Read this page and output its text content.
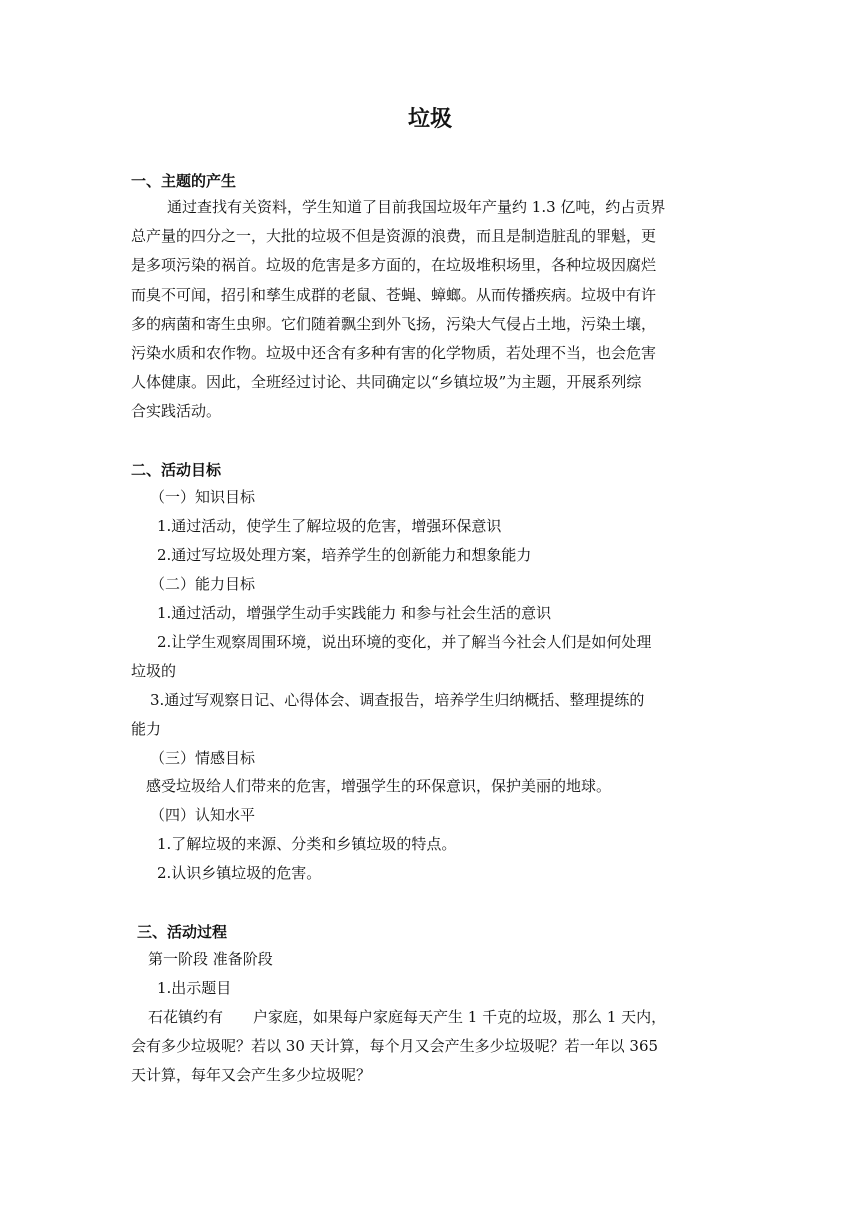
垃圾
一、主题的产生
通过查找有关资料，学生知道了目前我国垃圾年产量约 1.3 亿吨，约占贡界
总产量的四分之一，大批的垃圾不但是资源的浪费，而且是制造脏乱的罪魁，更
是多项污染的祸首。垃圾的危害是多方面的，在垃圾堆积场里，各种垃圾因腐烂
而臭不可闻，招引和孳生成群的老鼠、苍蝇、蟑螂。从而传播疾病。垃圾中有许
多的病菌和寄生虫卵。它们随着飘尘到外飞扬，污染大气侵占土地，污染土壤，
污染水质和农作物。垃圾中还含有多种有害的化学物质，若处理不当，也会危害
人体健康。因此，全班经过讨论、共同确定以“乡镇垃圾”为主题，开展系列综
合实践活动。
二、活动目标
（一）知识目标
1.通过活动，使学生了解垃圾的危害，增强环保意识
2.通过写垃圾处理方案，培养学生的创新能力和想象能力
（二）能力目标
1.通过活动，增强学生动手实践能力 和参与社会生活的意识
2.让学生观察周围环境，说出环境的变化，并了解当今社会人们是如何处理
垃圾的
3.通过写观察日记、心得体会、调查报告，培养学生归纳概括、整理提练的
能力
（三）情感目标
感受垃圾给人们带来的危害，增强学生的环保意识，保护美丽的地球。
（四）认知水平
1.了解垃圾的来源、分类和乡镇垃圾的特点。
2.认识乡镇垃圾的危害。
三、活动过程
第一阶段 准备阶段
1.出示题目
石花镇约有　　户家庭，如果每户家庭每天产生 1 千克的垃圾，那么 1 天内，
会有多少垃圾呢？若以 30 天计算，每个月又会产生多少垃圾呢？若一年以 365
天计算，每年又会产生多少垃圾呢？
